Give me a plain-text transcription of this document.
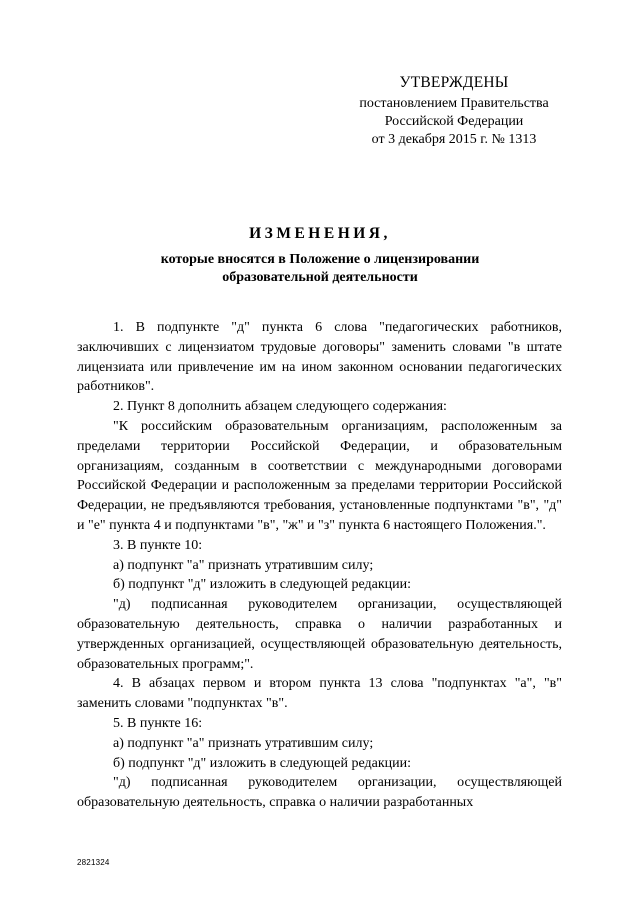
УТВЕРЖДЕНЫ
постановлением Правительства
Российской Федерации
от 3 декабря 2015 г. № 1313
ИЗМЕНЕНИЯ,
которые вносятся в Положение о лицензировании
образовательной деятельности

1. В подпункте "д" пункта 6 слова "педагогических работников, заключивших с лицензиатом трудовые договоры" заменить словами "в штате лицензиата или привлечение им на ином законном основании педагогических работников".

2. Пункт 8 дополнить абзацем следующего содержания:

"К российским образовательным организациям, расположенным за пределами территории Российской Федерации, и образовательным организациям, созданным в соответствии с международными договорами Российской Федерации и расположенным за пределами территории Российской Федерации, не предъявляются требования, установленные подпунктами "в", "д" и "е" пункта 4 и подпунктами "в", "ж" и "з" пункта 6 настоящего Положения.".

3. В пункте 10:

а) подпункт "а" признать утратившим силу;

б) подпункт "д" изложить в следующей редакции:

"д) подписанная руководителем организации, осуществляющей образовательную деятельность, справка о наличии разработанных и утвержденных организацией, осуществляющей образовательную деятельность, образовательных программ;".

4. В абзацах первом и втором пункта 13 слова "подпунктах "а", "в" заменить словами "подпунктах "в".

5. В пункте 16:

а) подпункт "а" признать утратившим силу;

б) подпункт "д" изложить в следующей редакции:

"д) подписанная руководителем организации, осуществляющей образовательную деятельность, справка о наличии разработанных

2821324
